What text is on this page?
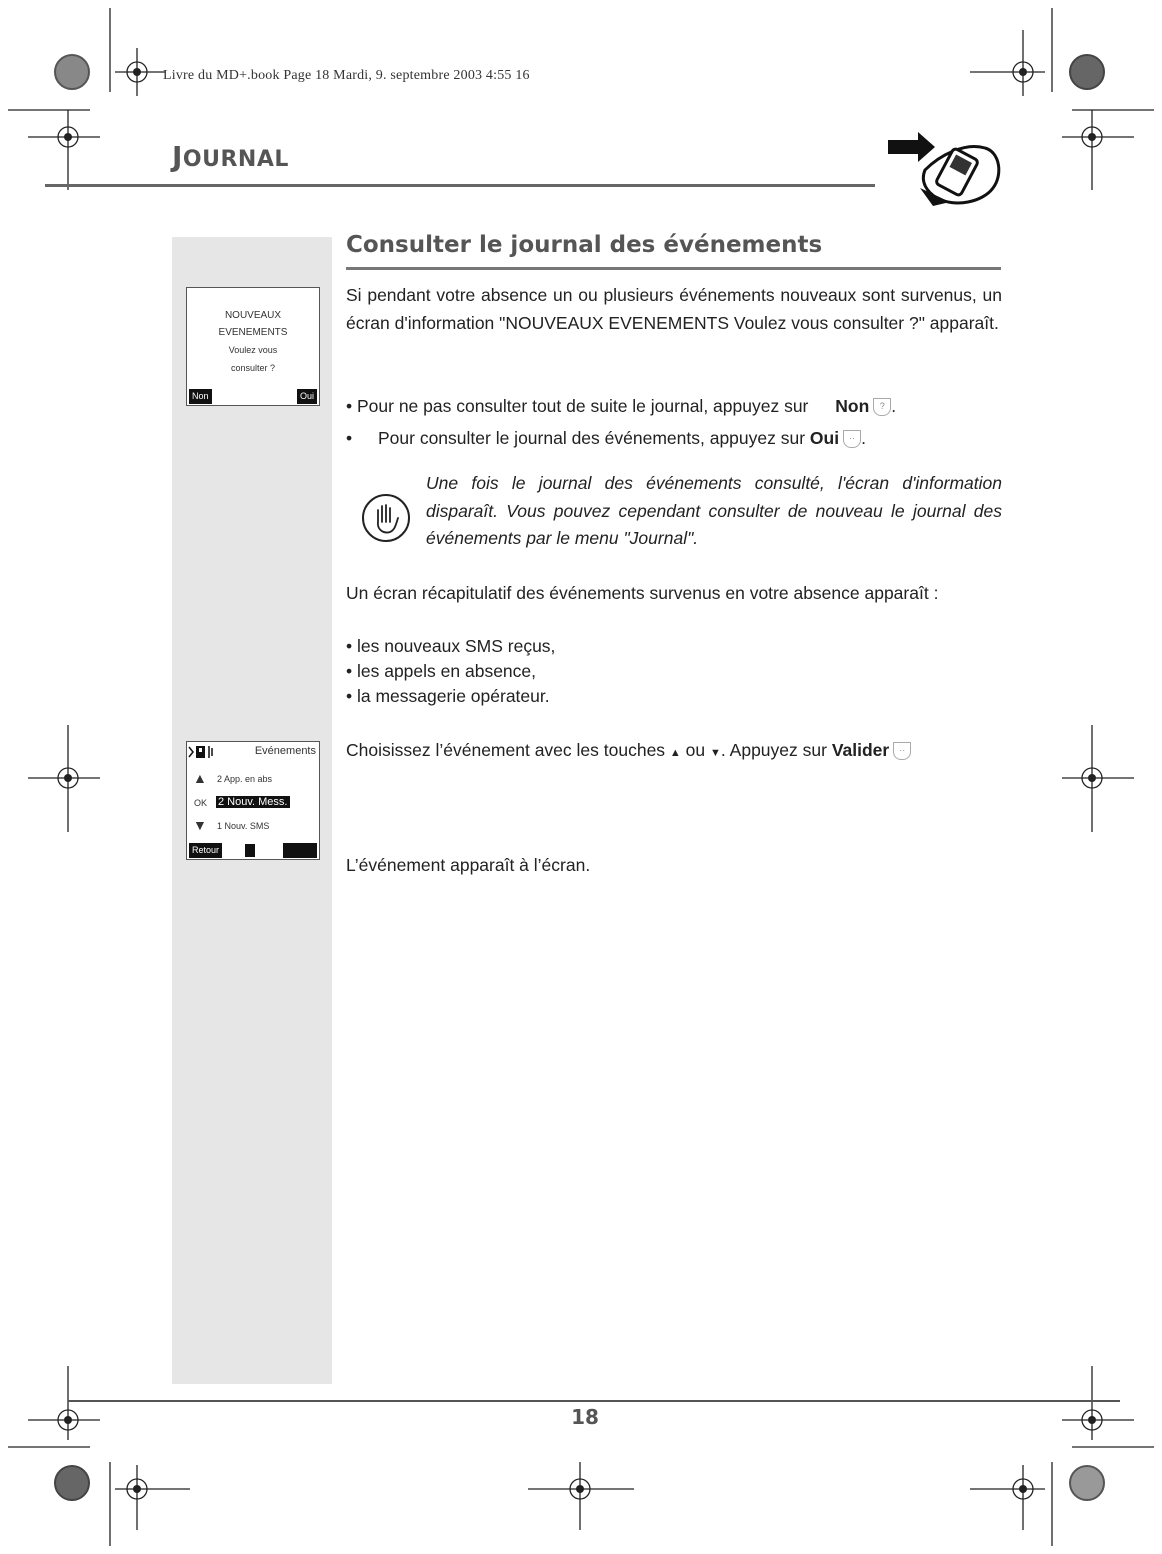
Livre du MD+.book Page 18 Mardi, 9. septembre 2003 4:55 16
JOURNAL
NOUVEAUX
EVENEMENTS
Voulez vous
consulter ?
Non	Oui
Evénements
▲ 2 App. en abs
OK 2 Nouv. Mess.
▼ 1 Nouv. SMS
Retour
Consulter le journal des événements
Si pendant votre absence un ou plusieurs événements nouveaux sont survenus, un écran d'information "NOUVEAUX EVENEMENTS Voulez vous consulter ?" apparaît.
• Pour ne pas consulter tout de suite le journal, appuyez sur Non ? .
• Pour consulter le journal des événements, appuyez sur Oui ·· .
Une fois le journal des événements consulté, l'écran d'information disparaît. Vous pouvez cependant consulter de nouveau le journal des événements par le menu "Journal".
Un écran récapitulatif des événements survenus en votre absence apparaît :
• les nouveaux SMS reçus,
• les appels en absence,
• la messagerie opérateur.
Choisissez l’événement avec les touches ▲ ou ▼. Appuyez sur Valider ··
L’événement apparaît à l’écran.
18
